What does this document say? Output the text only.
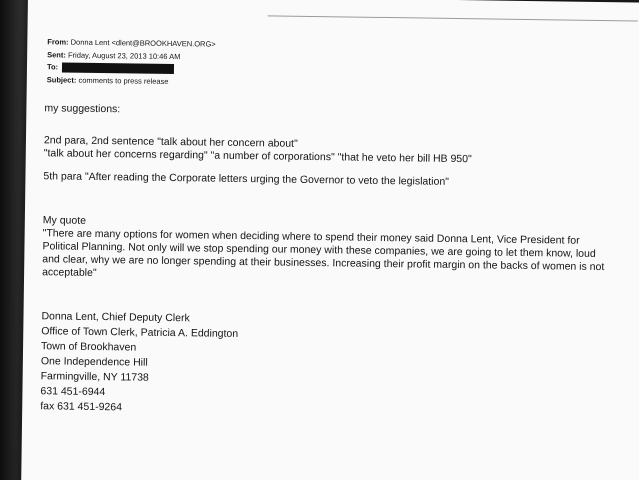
From: Donna Lent <dlent@BROOKHAVEN.ORG>
Sent: Friday, August 23, 2013 10:46 AM
To:
Subject: comments to press release

my suggestions:

2nd para, 2nd sentence "talk about her concern about"

"talk about her concerns regarding" "a number of corporations" "that he veto her bill HB 950"

5th para "After reading the Corporate letters urging the Governor to veto the legislation"

My quote

"There are many options for women when deciding where to spend their money said Donna Lent, Vice President for Political Planning. Not only will we stop spending our money with these companies, we are going to let them know, loud and clear, why we are no longer spending at their businesses. Increasing their profit margin on the backs of women is not acceptable"

Donna Lent, Chief Deputy Clerk

Office of Town Clerk, Patricia A. Eddington

Town of Brookhaven

One Independence Hill

Farmingville, NY 11738

631 451-6944

fax 631 451-9264
